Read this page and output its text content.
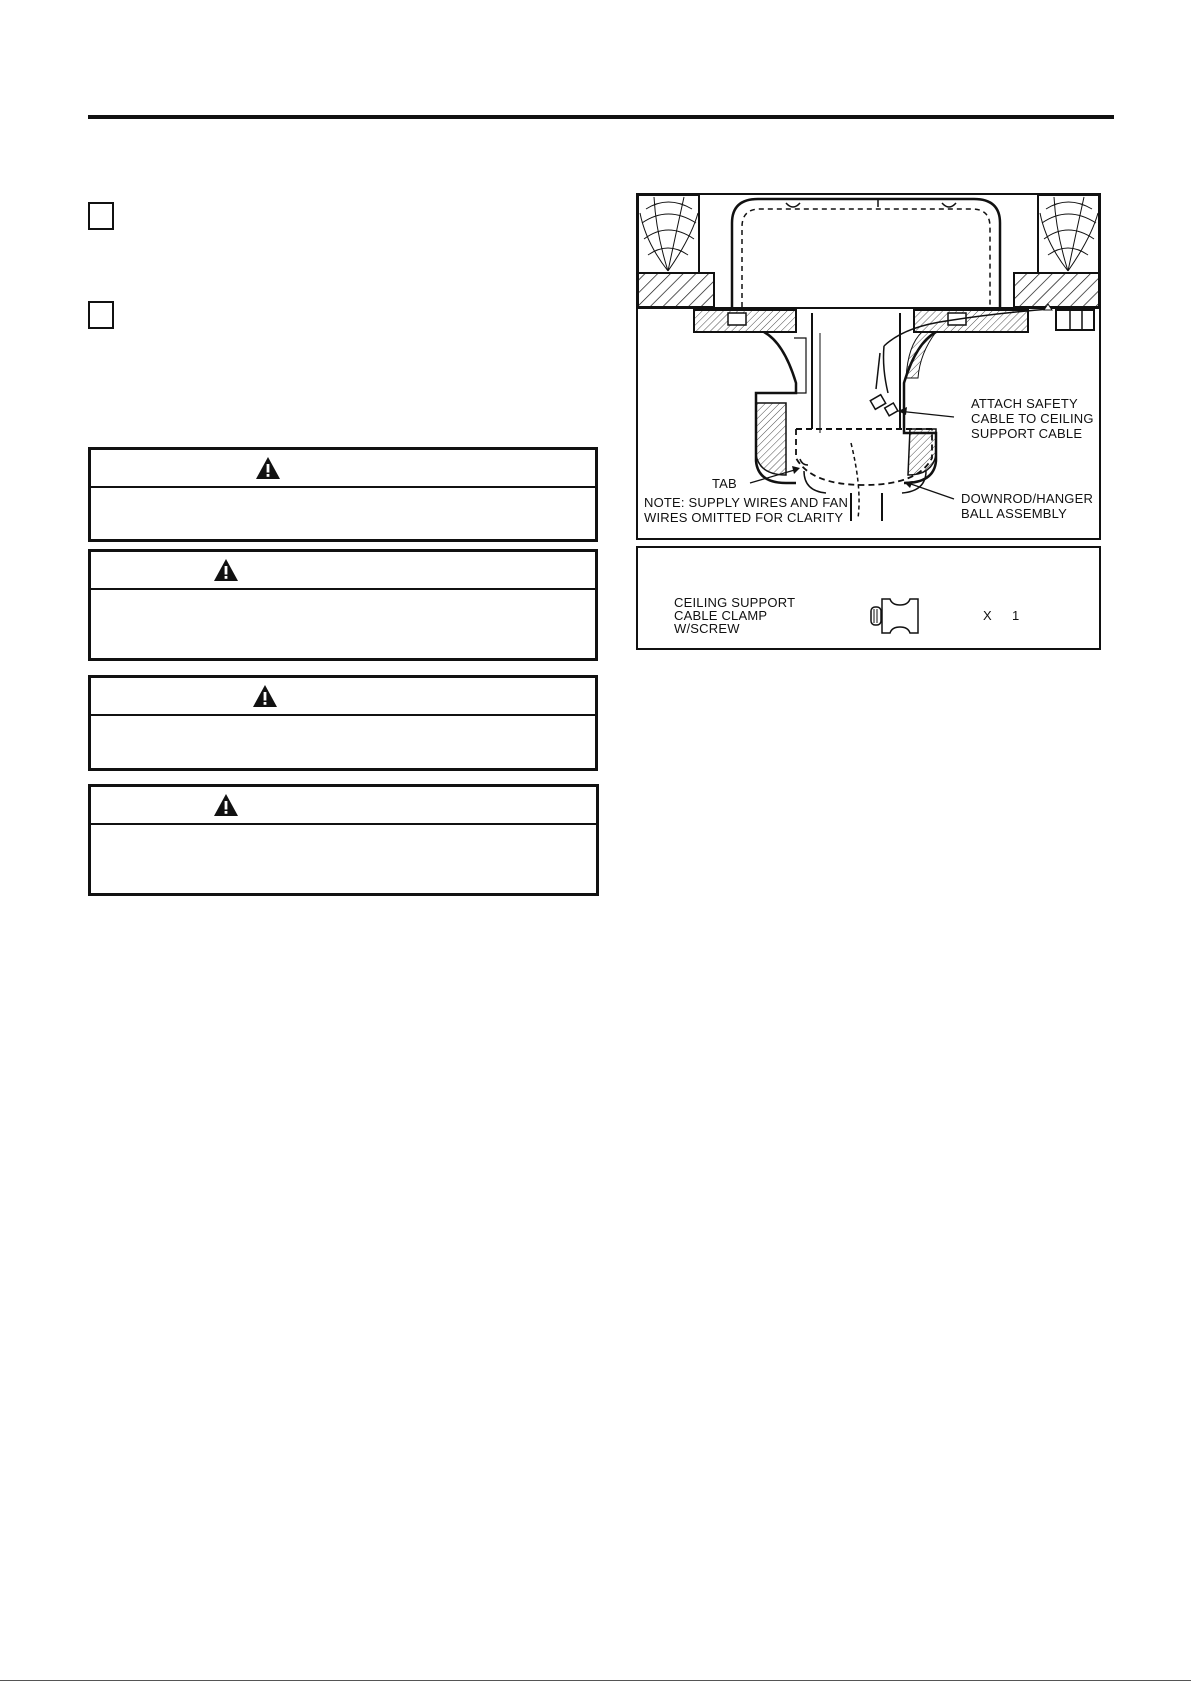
ATTACH SAFETY
CABLE TO CEILING
SUPPORT CABLE
TAB
NOTE: SUPPLY WIRES AND FAN
WIRES OMITTED FOR CLARITY
DOWNROD/HANGER
BALL ASSEMBLY
CEILING SUPPORT
CABLE CLAMP
W/SCREW
X 1
